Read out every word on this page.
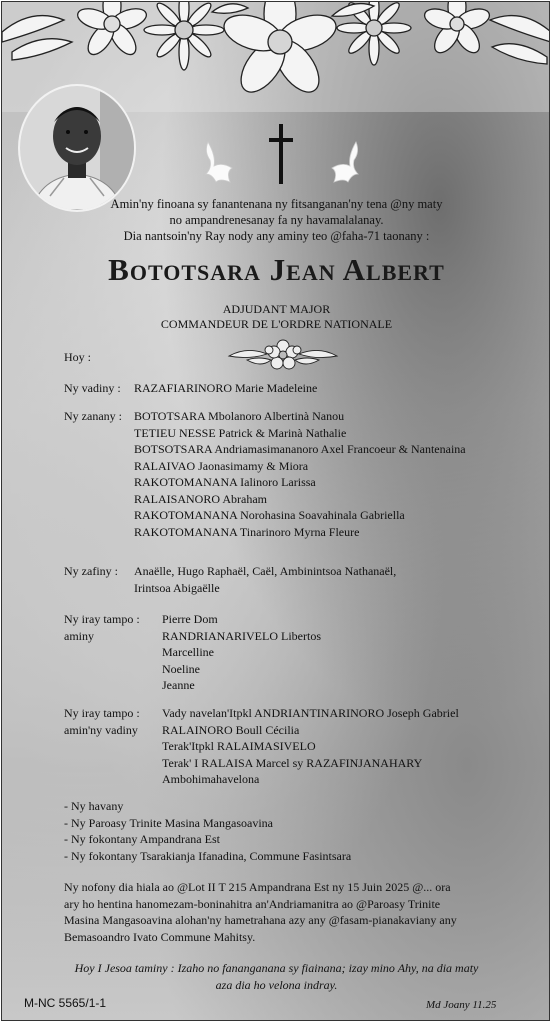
Amin'ny finoana sy fanantenana ny fitsanganan'ny tena @ny maty
no ampandrenesanay fa ny havamalalanay.
Dia nantsoin'ny Ray nody any aminy teo @faha-71 taonany :
Bototsara Jean Albert
ADJUDANT MAJOR
COMMANDEUR DE L'ORDRE NATIONALE
Hoy :
Ny vadiny : RAZAFIARINORO Marie Madeleine
Ny zanany : BOTOTSARA Mbolanoro Albertinà Nanou
TETIEU NESSE Patrick & Marinà Nathalie
BOTSOTSARA Andriamasimananoro Axel Francoeur & Nantenaina
RALAIVAO Jaonasimamy & Miora
RAKOTOMANANA Ialinoro Larissa
RALAISANORO Abraham
RAKOTOMANANA Norohasina Soavahinala Gabriella
RAKOTOMANANA Tinarinoro Myrna Fleure
Ny zafiny : Anaëlle, Hugo Raphaël, Caël, Ambinintsoa Nathanaël,
Irintsoa Abigaëlle
Ny iray tampo :
aminy
Pierre Dom
RANDRIANARIVELO Libertos
Marcelline
Noeline
Jeanne
Ny iray tampo :
amin'ny vadiny
Vady navelan'Itpkl ANDRIANTINARINORO Joseph Gabriel
RALAINORO Boull Cécilia
Terak'Itpkl RALAIMASIVELO
Terak' I RALAISA Marcel sy RAZAFINJANAHARY
Ambohimahavelona
- Ny havany
- Ny Paroasy Trinite Masina Mangasoavina
- Ny fokontany Ampandrana Est
- Ny fokontany Tsarakianja Ifanadina, Commune Fasintsara
Ny nofony dia hiala ao @Lot II T 215 Ampandrana Est ny 15 Juin 2025 @... ora
ary ho hentina hanomezam-boninahitra an'Andriamanitra ao @Paroasy Trinite
Masina Mangasoavina alohan'ny hametrahana azy any @fasam-pianakaviany any
Bemasoandro Ivato Commune Mahitsy.
Hoy I Jesoa taminy : Izaho no fananganana sy fiainana; izay mino Ahy, na dia maty
aza dia ho velona indray.
M-NC 5565/1-1	Md Joany 11.25
